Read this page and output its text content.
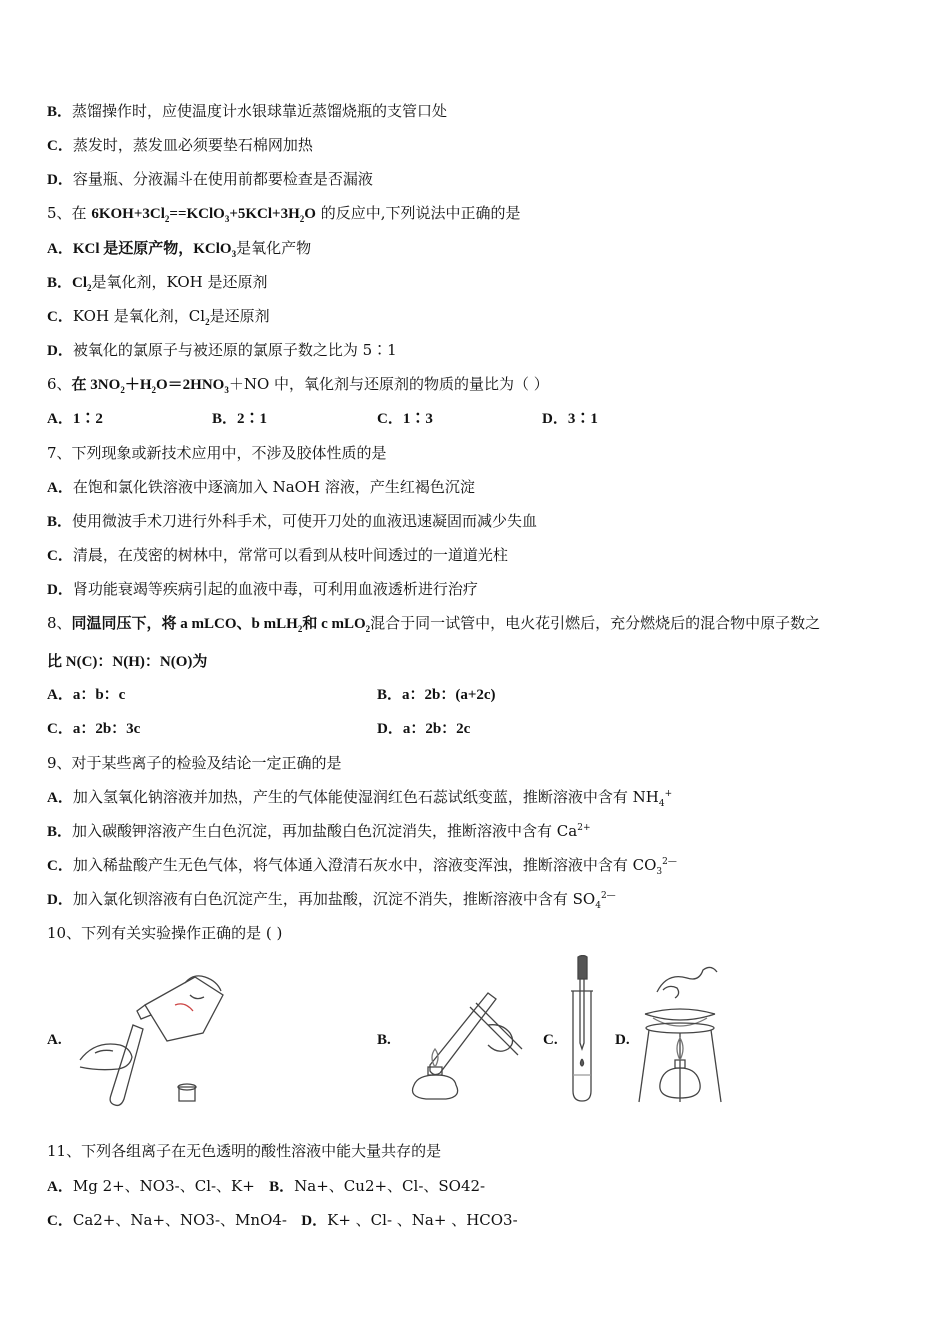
B．蒸馏操作时，应使温度计水银球靠近蒸馏烧瓶的支管口处
C．蒸发时，蒸发皿必须要垫石棉网加热
D．容量瓶、分液漏斗在使用前都要检查是否漏液
5、在 $6KOH+3Cl_2==KClO_3+5KCl+3H_2O$ 的反应中,下列说法中正确的是
A．KCl 是还原产物，KClO$_3$是氧化产物
B．$Cl_2$是氧化剂，KOH 是还原剂
C．KOH 是氧化剂，$Cl_2$是还原剂
D．被氧化的氯原子与被还原的氯原子数之比为 5∶1
6、在 $3NO_2+H_2O=2HNO_3+NO$ 中，氧化剂与还原剂的物质的量比为（ ）
A．1∶2	B．2∶1	C．1∶3	D．3∶1
7、下列现象或新技术应用中，不涉及胶体性质的是
A．在饱和氯化铁溶液中逐滴加入 NaOH 溶液，产生红褐色沉淀
B．使用微波手术刀进行外科手术，可使开刀处的血液迅速凝固而减少失血
C．清晨，在茂密的树林中，常常可以看到从枝叶间透过的一道道光柱
D．肾功能衰竭等疾病引起的血液中毒，可利用血液透析进行治疗
8、同温同压下，将 a mLCO、b mLH$_2$和 c mLO$_2$混合于同一试管中，电火花引燃后，充分燃烧后的混合物中原子数之
比 N(C)：N(H)：N(O)为
A．a：b：c	B．a：2b：(a+2c)
C．a：2b：3c	D．a：2b：2c
9、对于某些离子的检验及结论一定正确的是
A．加入氢氧化钠溶液并加热，产生的气体能使湿润红色石蕊试纸变蓝，推断溶液中含有 $NH_4^+$
B．加入碳酸钾溶液产生白色沉淀，再加盐酸白色沉淀消失，推断溶液中含有 $Ca^{2+}$
C．加入稀盐酸产生无色气体，将气体通入澄清石灰水中，溶液变浑浊，推断溶液中含有 $CO_3^{2—}$
D．加入氯化钡溶液有白色沉淀产生，再加盐酸，沉淀不消失，推断溶液中含有 $SO_4^{2—}$
10、下列有关实验操作正确的是 ( )
A.	B.	C.	D.
11、下列各组离子在无色透明的酸性溶液中能大量共存的是
A．Mg 2+、NO3-、Cl-、K+ B．Na+、Cu2+、Cl-、SO42-
C．Ca2+、Na+、NO3-、MnO4- D．K+ 、Cl- 、Na+ 、HCO3-
